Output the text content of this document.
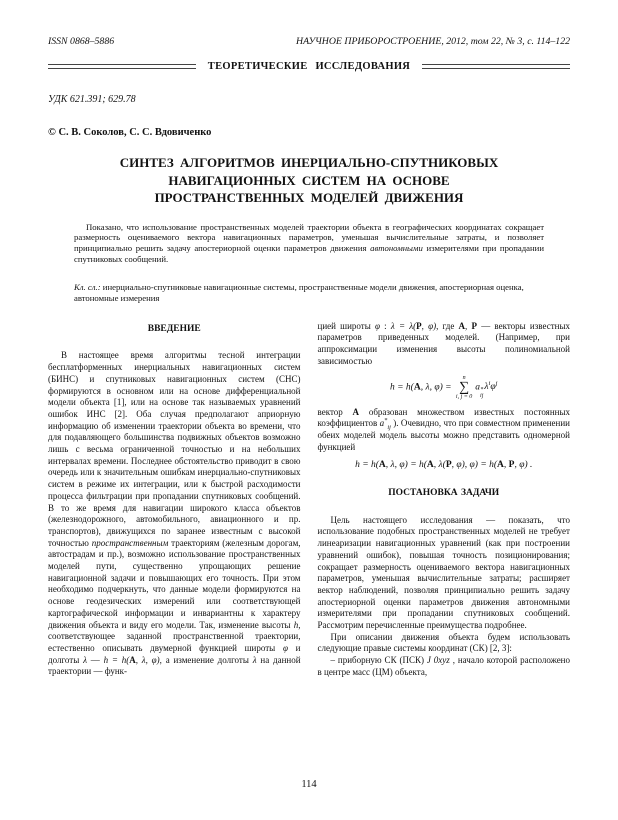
ISSN 0868–5886	НАУЧНОЕ ПРИБОРОСТРОЕНИЕ, 2012, том 22, № 3, с. 114–122
ТЕОРЕТИЧЕСКИЕ ИССЛЕДОВАНИЯ
УДК 621.391; 629.78
© С. В. Соколов, С. С. Вдовиченко
СИНТЕЗ АЛГОРИТМОВ ИНЕРЦИАЛЬНО-СПУТНИКОВЫХ
НАВИГАЦИОННЫХ СИСТЕМ НА ОСНОВЕ
ПРОСТРАНСТВЕННЫХ МОДЕЛЕЙ ДВИЖЕНИЯ
Показано, что использование пространственных моделей траектории объекта в географических координатах сокращает размерность оцениваемого вектора навигационных параметров, уменьшая вычислительные затраты, и позволяет принципиально решить задачу апостериорной оценки параметров движения автономными измерителями при пропадании спутниковых сообщений.
Кл. сл.: инерциально-спутниковые навигационные системы, пространственные модели движения, апостериорная оценка, автономные измерения
ВВЕДЕНИЕ

В настоящее время алгоритмы тесной интеграции бесплатформенных инерциальных навигационных систем (БИНС) и спутниковых навигационных систем (СНС) формируются в основном или на основе дифференциальной модели объекта [1], или на основе так называемых уравнений ошибок ИНС [2]. Оба случая предполагают априорную информацию об изменении траектории объекта во времени, что для подавляющего большинства подвижных объектов возможно лишь с весьма ограниченной точностью и на небольших интервалах времени. Последнее обстоятельство приводит в свою очередь или к значительным ошибкам инерциально-спутниковых систем в режиме их интеграции, или к быстрой расходимости процесса фильтрации при пропадании спутниковых сообщений. В то же время для навигации широкого класса объектов (железнодорожного, автомобильного, авиационного и пр. транспортов), движущихся по заранее известным с высокой точностью пространственным траекториям (железным дорогам, автострадам и пр.), возможно использование пространственных моделей пути, существенно упрощающих решение навигационной задачи и повышающих его точность. При этом необходимо подчеркнуть, что данные модели формируются на основе геодезических измерений или соответствующей картографической информации и инвариантны к характеру движения объекта и виду его модели. Так, изменение высоты h, соответствующее заданной пространственной траектории, естественно описывать двумерной функцией широты φ и долготы λ — h = h(A, λ, φ), а изменение долготы λ на данной траектории — функ-

цией широты φ : λ = λ(P, φ), где A, P — векторы известных параметров приведенных моделей. (Например, при аппроксимации изменения высоты полиномиальной зависимостью

h = h(A, λ, φ) =
n
∑
i, j = 0
a *
ij
$\lambda^i\varphi^j$

вектор A образован множеством известных постоянных коэффициентов $a^*_{ij}$ ). Очевидно, что при совместном применении обеих моделей модель высоты можно представить одномерной функцией

h = h(A, λ, φ) = h(A, λ(P, φ), φ) = h(A, P, φ) .
ПОСТАНОВКА ЗАДАЧИ

Цель настоящего исследования — показать, что использование подобных пространственных моделей не требует линеаризации навигационных уравнений (как при построении уравнений ошибок), повышая точность позиционирования; сокращает размерность оцениваемого вектора навигационных параметров, уменьшая вычислительные затраты; расширяет вектор наблюдений, позволяя принципиально решить задачу апостериорной оценки параметров движения автономными измерителями при пропадании спутниковых сообщений. Рассмотрим перечисленные преимущества подробнее.

При описании движения объекта будем использовать следующие правые системы координат (СК) [2, 3]:

– приборную СК (ПСК) J 0xyz , начало которой расположено в центре масс (ЦМ) объекта,

114
